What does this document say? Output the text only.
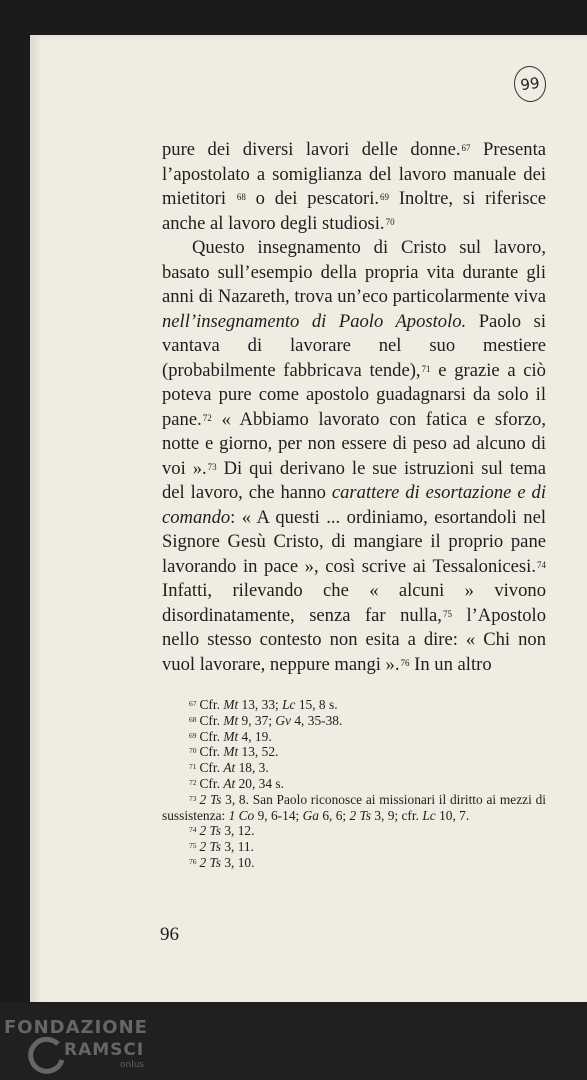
99

pure dei diversi lavori delle donne.$^{67}$ Presenta l’apostolato a somiglianza del lavoro manuale dei mietitori $^{68}$ o dei pescatori.$^{69}$ Inoltre, si riferisce anche al lavoro degli studiosi.$^{70}$

Questo insegnamento di Cristo sul lavoro, basato sull’esempio della propria vita durante gli anni di Nazareth, trova un’eco particolarmente viva nell’insegnamento di Paolo Apostolo. Paolo si vantava di lavorare nel suo mestiere (probabilmente fabbricava tende),$^{71}$ e grazie a ciò poteva pure come apostolo guadagnarsi da solo il pane.$^{72}$ « Abbiamo lavorato con fatica e sforzo, notte e giorno, per non essere di peso ad alcuno di voi ».$^{73}$ Di qui derivano le sue istruzioni sul tema del lavoro, che hanno carattere di esortazione e di comando: « A questi ... ordiniamo, esortandoli nel Signore Gesù Cristo, di mangiare il proprio pane lavorando in pace », così scrive ai Tessalonicesi.$^{74}$ Infatti, rilevando che « alcuni » vivono disordinatamente, senza far nulla,$^{75}$ l’Apostolo nello stesso contesto non esita a dire: « Chi non vuol lavorare, neppure mangi ».$^{76}$ In un altro

$^{67}$ Cfr. Mt 13, 33; Lc 15, 8 s.
$^{68}$ Cfr. Mt 9, 37; Gv 4, 35-38.
$^{69}$ Cfr. Mt 4, 19.
$^{70}$ Cfr. Mt 13, 52.
$^{71}$ Cfr. At 18, 3.
$^{72}$ Cfr. At 20, 34 s.
$^{73}$ 2 Ts 3, 8. San Paolo riconosce ai missionari il diritto ai mezzi di sussistenza: 1 Co 9, 6-14; Ga 6, 6; 2 Ts 3, 9; cfr. Lc 10, 7.
$^{74}$ 2 Ts 3, 12.
$^{75}$ 2 Ts 3, 11.
$^{76}$ 2 Ts 3, 10.
96
FONDAZIONE
RAMSCI
onlus
